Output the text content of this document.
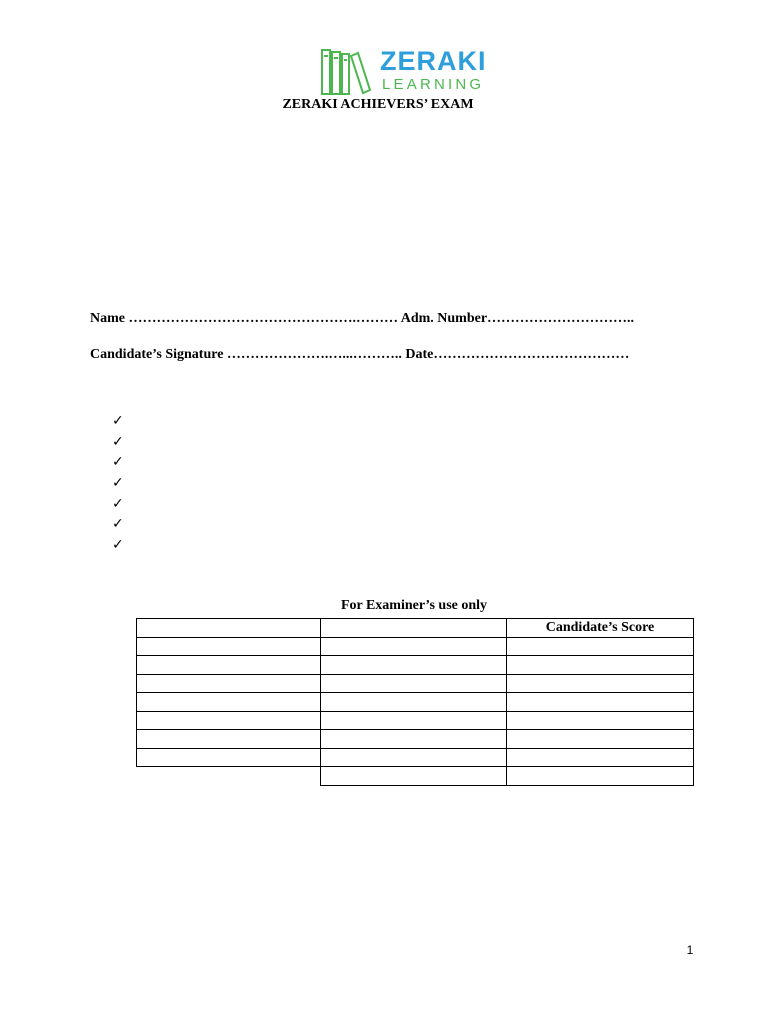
ZERAKI
LEARNING
ZERAKI ACHIEVERS’ EXAM
Name ………………………………………….……… Adm. Number…………………………..
Candidate’s Signature ………………….…...……….. Date……………………………………
✓
✓
✓
✓
✓
✓
✓
For Examiner’s use only
		Candidate’s Score

1
